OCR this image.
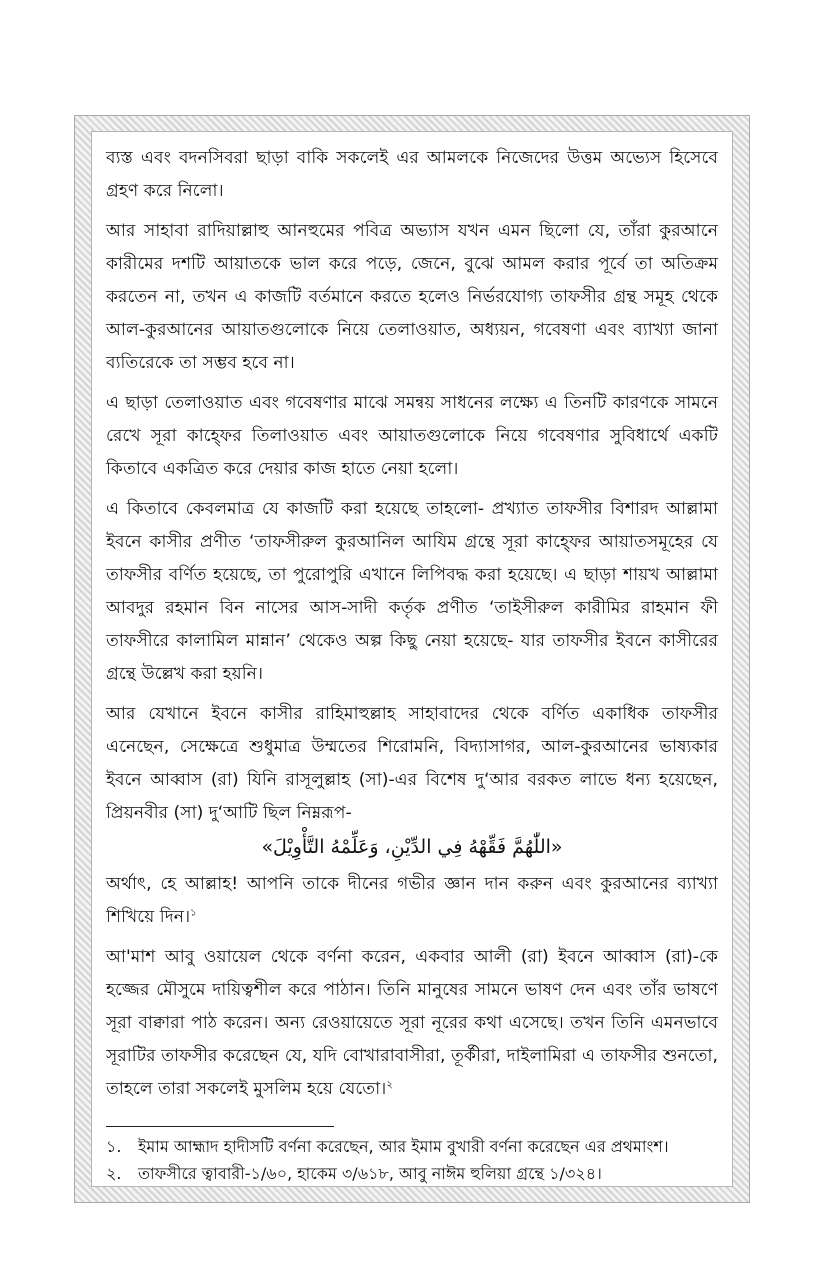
ব্যস্ত এবং বদনসিবরা ছাড়া বাকি সকলেই এর আমলকে নিজেদের উত্তম অভ্যেস হিসেবে গ্রহণ করে নিলো।

আর সাহাবা রাদিয়াল্লাহু আনহুমের পবিত্র অভ্যাস যখন এমন ছিলো যে, তাঁরা কুরআনে কারীমের দশটি আয়াতকে ভাল করে পড়ে, জেনে, বুঝে আমল করার পূর্বে তা অতিক্রম করতেন না, তখন এ কাজটি বর্তমানে করতে হলেও নির্ভরযোগ্য তাফসীর গ্রন্থ সমূহ থেকে আল-কুরআনের আয়াতগুলোকে নিয়ে তেলাওয়াত, অধ্যয়ন, গবেষণা এবং ব্যাখ্যা জানা ব্যতিরেকে তা সম্ভব হবে না।

এ ছাড়া তেলাওয়াত এবং গবেষণার মাঝে সমন্বয় সাধনের লক্ষ্যে এ তিনটি কারণকে সামনে রেখে সূরা কাহ্ফের তিলাওয়াত এবং আয়াতগুলোকে নিয়ে গবেষণার সুবিধার্থে একটি কিতাবে একত্রিত করে দেয়ার কাজ হাতে নেয়া হলো।

এ কিতাবে কেবলমাত্র যে কাজটি করা হয়েছে তাহলো- প্রখ্যাত তাফসীর বিশারদ আল্লামা ইবনে কাসীর প্রণীত ‘তাফসীরুল কুরআনিল আযিম গ্রন্থে সূরা কাহ্ফের আয়াতসমূহের যে তাফসীর বর্ণিত হয়েছে, তা পুরোপুরি এখানে লিপিবদ্ধ করা হয়েছে। এ ছাড়া শায়খ আল্লামা আবদুর রহমান বিন নাসের আস-সাদী কর্তৃক প্রণীত ‘তাইসীরুল কারীমির রাহমান ফী তাফসীরে কালামিল মান্নান’ থেকেও অল্প কিছু নেয়া হয়েছে- যার তাফসীর ইবনে কাসীরের গ্রন্থে উল্লেখ করা হয়নি।

আর যেখানে ইবনে কাসীর রাহিমাহুল্লাহ সাহাবাদের থেকে বর্ণিত একাধিক তাফসীর এনেছেন, সেক্ষেত্রে শুধুমাত্র উম্মতের শিরোমনি, বিদ্যাসাগর, আল-কুরআনের ভাষ্যকার ইবনে আব্বাস (রা) যিনি রাসূলুল্লাহ (সা)-এর বিশেষ দু‘আর বরকত লাভে ধন্য হয়েছেন, প্রিয়নবীর (সা) দু‘আটি ছিল নিম্নরূপ-

«اللّٰهُمَّ فَقِّهْهُ فِي الدِّيْنِ، وَعَلِّمْهُ التَّأْوِيْلَ»

অর্থাৎ, হে আল্লাহ! আপনি তাকে দীনের গভীর জ্ঞান দান করুন এবং কুরআনের ব্যাখ্যা শিখিয়ে দিন।$^১$

আ'মাশ আবু ওয়ায়েল থেকে বর্ণনা করেন, একবার আলী (রা) ইবনে আব্বাস (রা)-কে হজ্জের মৌসুমে দায়িত্বশীল করে পাঠান। তিনি মানুষের সামনে ভাষণ দেন এবং তাঁর ভাষণে সূরা বাক্বারা পাঠ করেন। অন্য রেওয়ায়েতে সূরা নূরের কথা এসেছে। তখন তিনি এমনভাবে সূরাটির তাফসীর করেছেন যে, যদি বোখারাবাসীরা, তূর্কীরা, দাইলামিরা এ তাফসীর শুনতো, তাহলে তারা সকলেই মুসলিম হয়ে যেতো।$^২$

১.	ইমাম আহ্মাদ হাদীসটি বর্ণনা করেছেন, আর ইমাম বুখারী বর্ণনা করেছেন এর প্রথমাংশ।
২.	তাফসীরে ত্বাবারী-১/৬০, হাকেম ৩/৬১৮, আবু নাঈম হুলিয়া গ্রন্থে ১/৩২৪।
